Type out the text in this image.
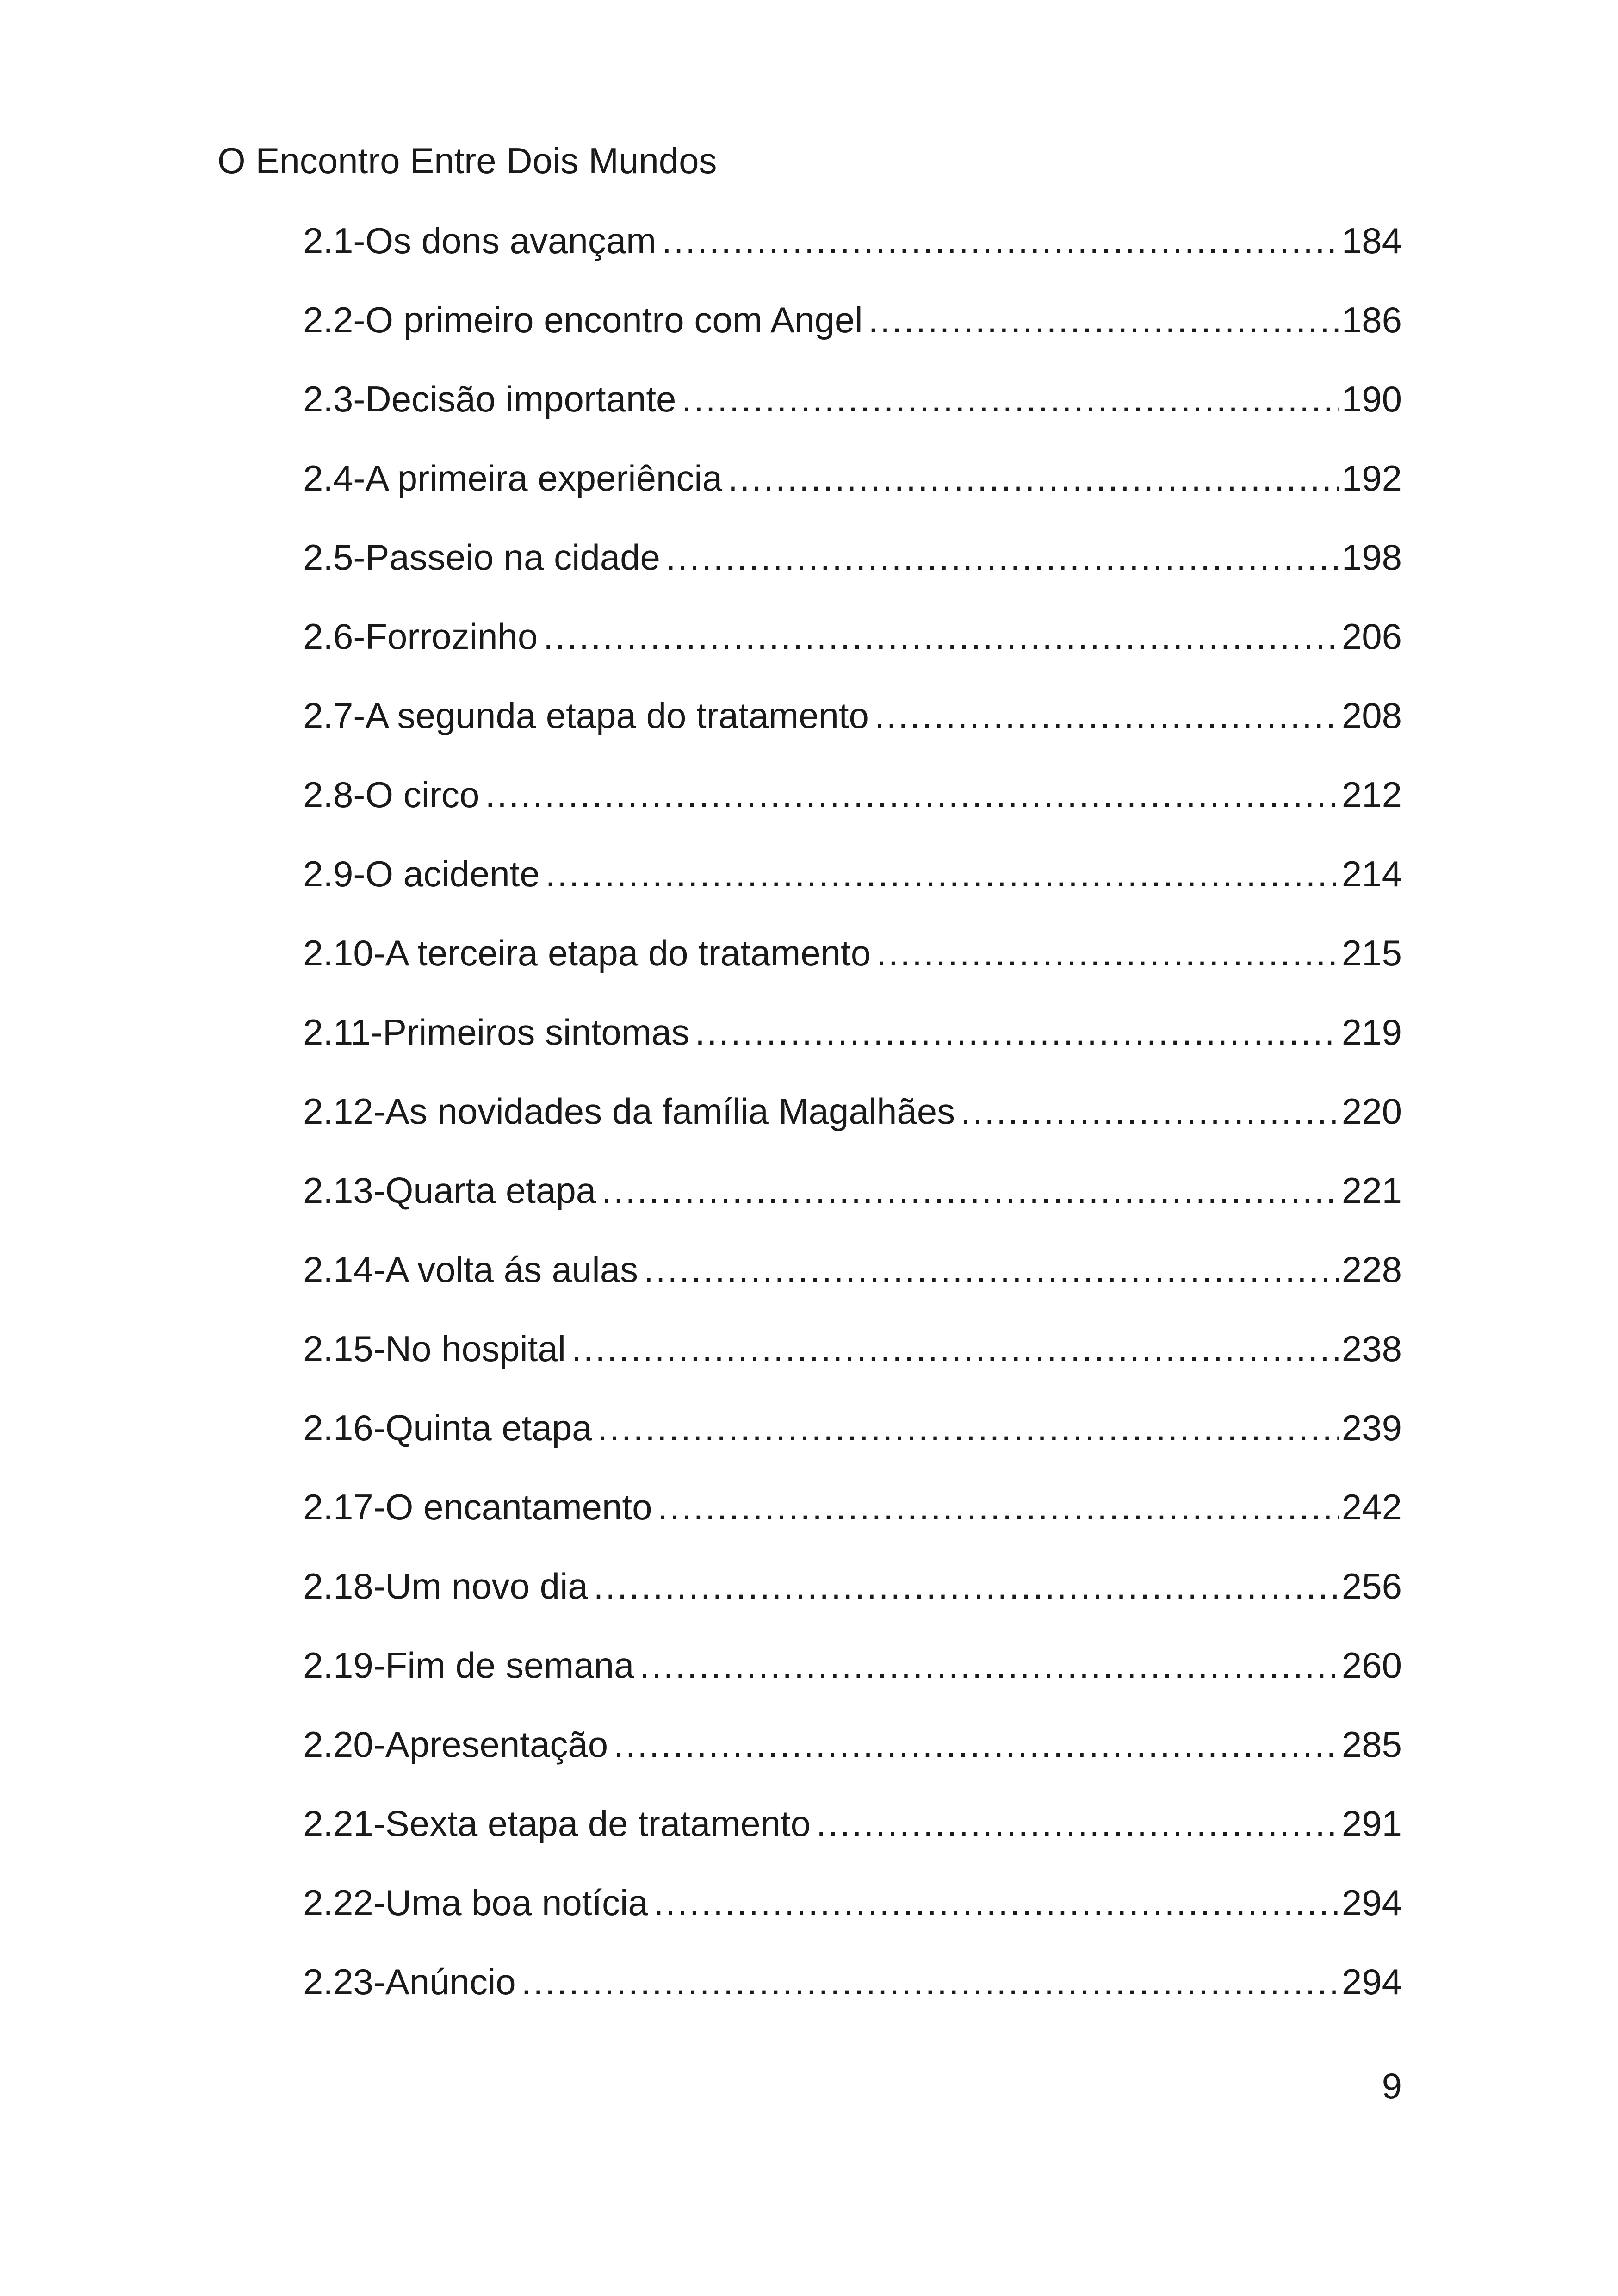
O Encontro Entre Dois Mundos
2.1-Os dons avançam .....	184
2.2-O primeiro encontro com Angel .....	186
2.3-Decisão importante .....	190
2.4-A primeira experiência .....	192
2.5-Passeio na cidade .....	198
2.6-Forrozinho .....	206
2.7-A segunda etapa do tratamento .....	208
2.8-O circo .....	212
2.9-O acidente .....	214
2.10-A terceira etapa do tratamento .....	215
2.11-Primeiros sintomas .....	219
2.12-As novidades da família Magalhães .....	220
2.13-Quarta etapa .....	221
2.14-A volta ás aulas .....	228
2.15-No hospital .....	238
2.16-Quinta etapa .....	239
2.17-O encantamento .....	242
2.18-Um novo dia .....	256
2.19-Fim de semana .....	260
2.20-Apresentação .....	285
2.21-Sexta etapa de tratamento .....	291
2.22-Uma boa notícia .....	294
2.23-Anúncio .....	294
9
